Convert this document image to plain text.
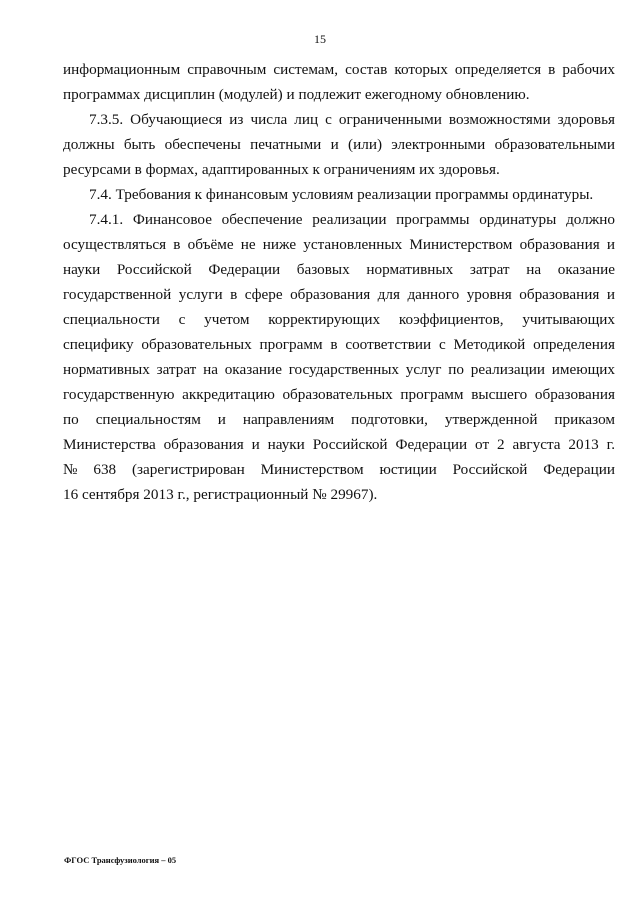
15
информационным справочным системам, состав которых определяется в рабочих
программах дисциплин (модулей) и подлежит ежегодному обновлению.
7.3.5. Обучающиеся из числа лиц с ограниченными возможностями здоровья
должны быть обеспечены печатными и (или) электронными образовательными
ресурсами в формах, адаптированных к ограничениям их здоровья.
7.4. Требования к финансовым условиям реализации программы ординатуры.
7.4.1. Финансовое обеспечение реализации программы ординатуры должно
осуществляться в объёме не ниже установленных Министерством образования и
науки Российской Федерации базовых нормативных затрат на оказание
государственной услуги в сфере образования для данного уровня образования и
специальности с учетом корректирующих коэффициентов, учитывающих
специфику образовательных программ в соответствии с Методикой определения
нормативных затрат на оказание государственных услуг по реализации имеющих
государственную аккредитацию образовательных программ высшего образования
по специальностям и направлениям подготовки, утвержденной приказом
Министерства образования и науки Российской Федерации от 2 августа 2013 г.
№ 638 (зарегистрирован Министерством юстиции Российской Федерации
16 сентября 2013 г., регистрационный № 29967).
ФГОС Трансфузиология – 05
